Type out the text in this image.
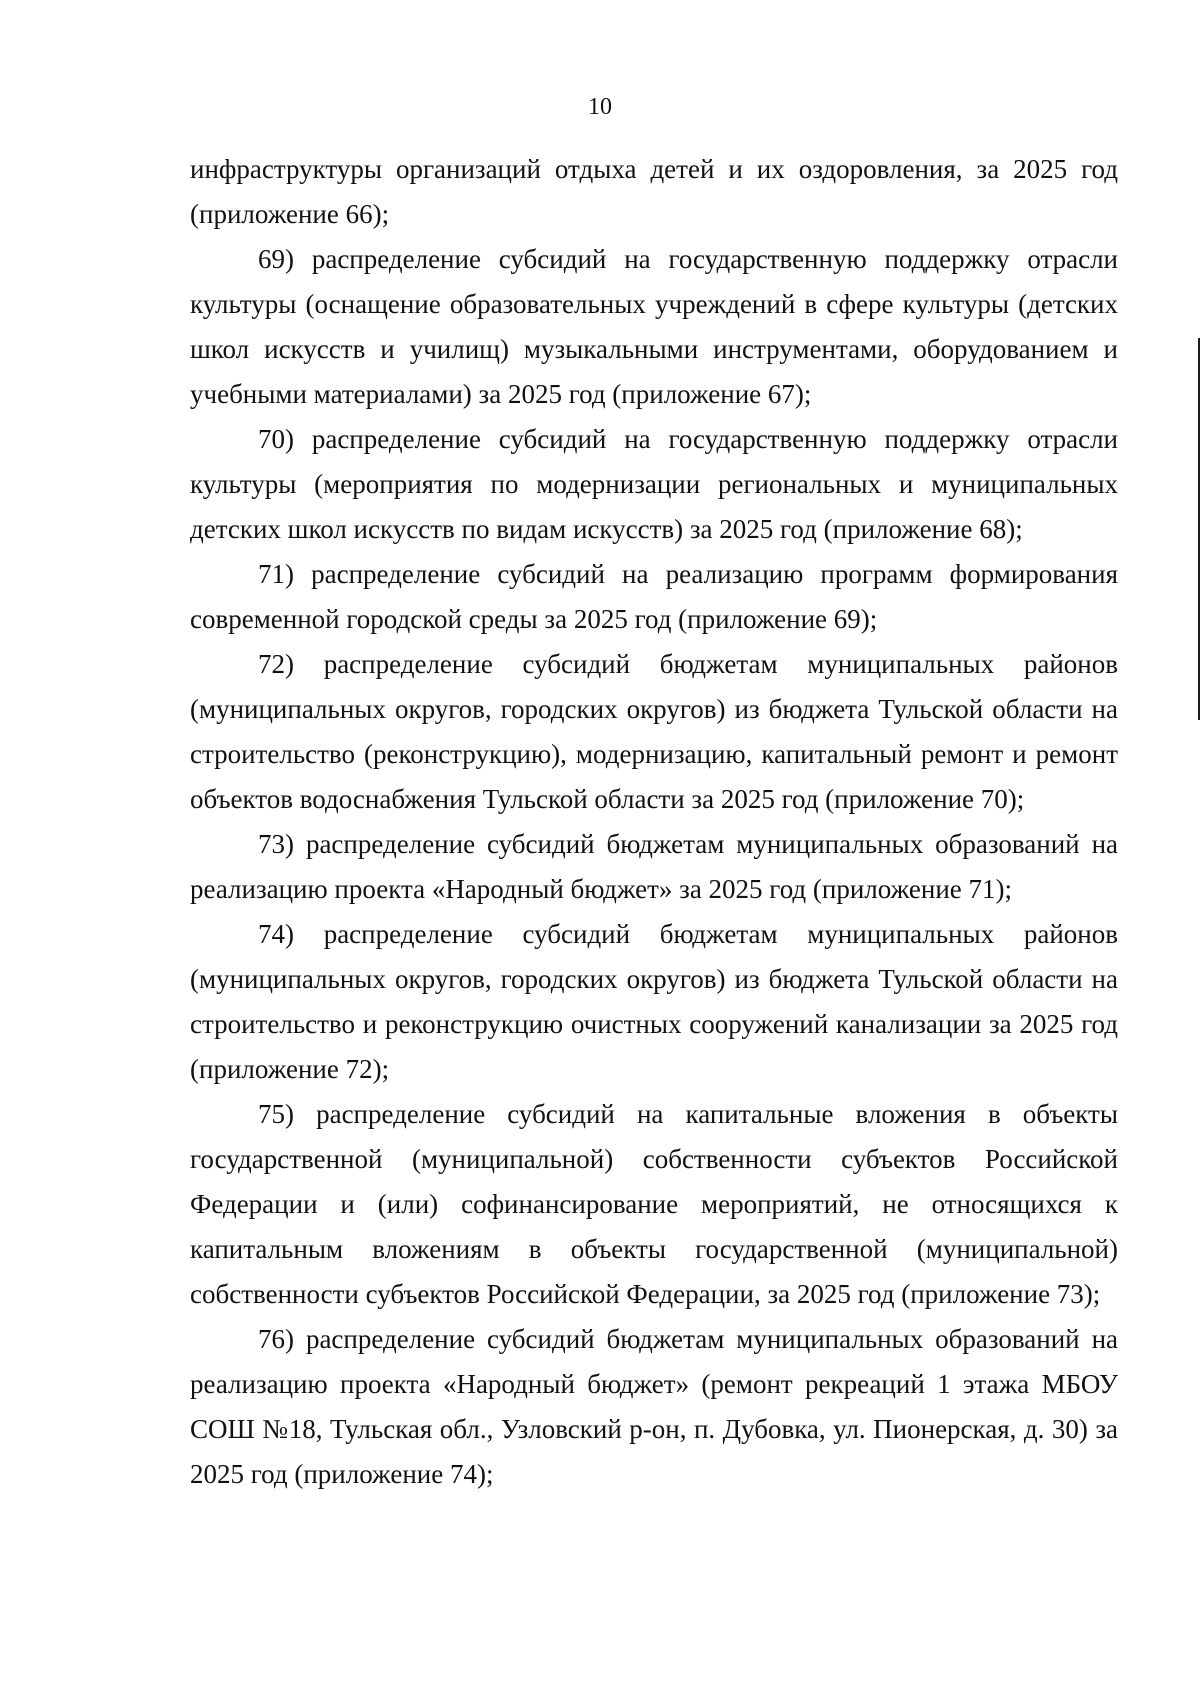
10

инфраструктуры организаций отдыха детей и их оздоровления, за 2025 год (приложение 66);

69) распределение субсидий на государственную поддержку отрасли культуры (оснащение образовательных учреждений в сфере культуры (детских школ искусств и училищ) музыкальными инструментами, оборудованием и учебными материалами) за 2025 год (приложение 67);

70) распределение субсидий на государственную поддержку отрасли культуры (мероприятия по модернизации региональных и муниципальных детских школ искусств по видам искусств) за 2025 год (приложение 68);

71) распределение субсидий на реализацию программ формирования современной городской среды за 2025 год (приложение 69);

72) распределение субсидий бюджетам муниципальных районов (муниципальных округов, городских округов) из бюджета Тульской области на строительство (реконструкцию), модернизацию, капитальный ремонт и ремонт объектов водоснабжения Тульской области за 2025 год (приложение 70);

73) распределение субсидий бюджетам муниципальных образований на реализацию проекта «Народный бюджет» за 2025 год (приложение 71);

74) распределение субсидий бюджетам муниципальных районов (муниципальных округов, городских округов) из бюджета Тульской области на строительство и реконструкцию очистных сооружений канализации за 2025 год (приложение 72);

75) распределение субсидий на капитальные вложения в объекты государственной (муниципальной) собственности субъектов Российской Федерации и (или) софинансирование мероприятий, не относящихся к капитальным вложениям в объекты государственной (муниципальной) собственности субъектов Российской Федерации, за 2025 год (приложение 73);

76) распределение субсидий бюджетам муниципальных образований на реализацию проекта «Народный бюджет» (ремонт рекреаций 1 этажа МБОУ СОШ №18, Тульская обл., Узловский р-он, п. Дубовка, ул. Пионерская, д. 30) за 2025 год (приложение 74);
